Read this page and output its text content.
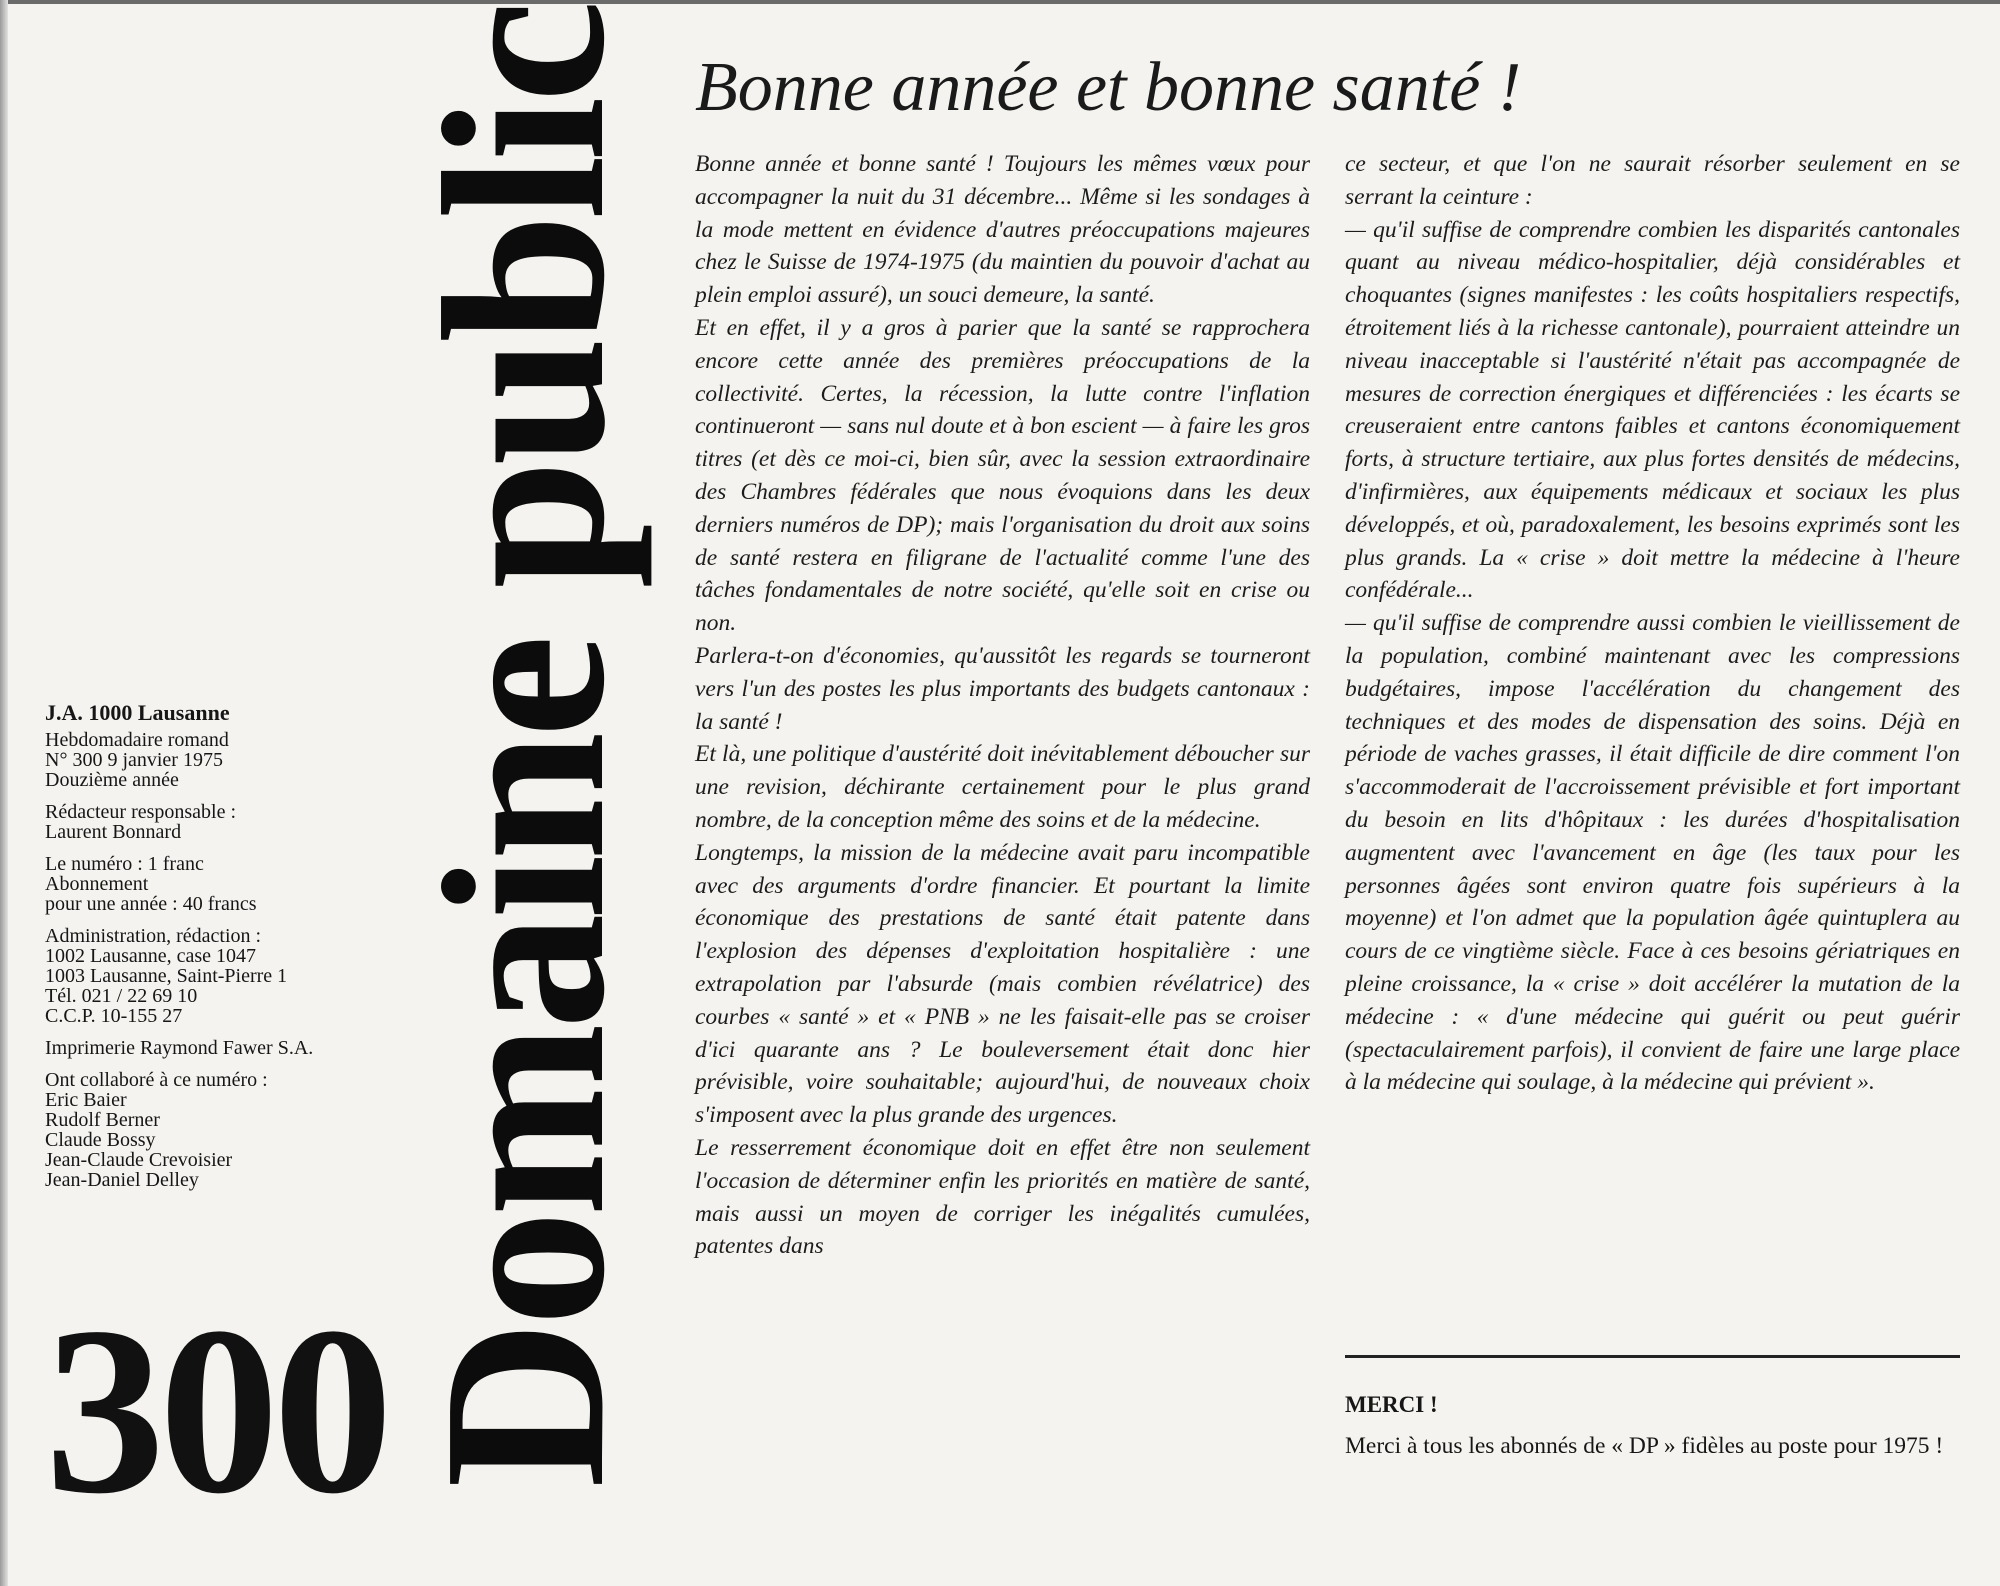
J.A. 1000 Lausanne
Hebdomadaire romand
N° 300 9 janvier 1975
Douzième année
Rédacteur responsable :
Laurent Bonnard
Le numéro : 1 franc
Abonnement
pour une année : 40 francs
Administration, rédaction :
1002 Lausanne, case 1047
1003 Lausanne, Saint-Pierre 1
Tél. 021 / 22 69 10
C.C.P. 10-155 27
Imprimerie Raymond Fawer S.A.
Ont collaboré à ce numéro :
Eric Baier
Rudolf Berner
Claude Bossy
Jean-Claude Crevoisier
Jean-Daniel Delley Domaine public
300
Bonne année et bonne santé !

Bonne année et bonne santé ! Toujours les mêmes vœux pour accompagner la nuit du 31 décembre... Même si les sondages à la mode mettent en évidence d'autres préoccupations majeures chez le Suisse de 1974-1975 (du maintien du pouvoir d'achat au plein emploi assuré), un souci demeure, la santé.

Et en effet, il y a gros à parier que la santé se rapprochera encore cette année des premières préoccupations de la collectivité. Certes, la récession, la lutte contre l'inflation continueront — sans nul doute et à bon escient — à faire les gros titres (et dès ce moi-ci, bien sûr, avec la session extraordinaire des Chambres fédérales que nous évoquions dans les deux derniers numéros de DP); mais l'organisation du droit aux soins de santé restera en filigrane de l'actualité comme l'une des tâches fondamentales de notre société, qu'elle soit en crise ou non.

Parlera-t-on d'économies, qu'aussitôt les regards se tourneront vers l'un des postes les plus importants des budgets cantonaux : la santé !

Et là, une politique d'austérité doit inévitablement déboucher sur une revision, déchirante certainement pour le plus grand nombre, de la conception même des soins et de la médecine.

Longtemps, la mission de la médecine avait paru incompatible avec des arguments d'ordre financier. Et pourtant la limite économique des prestations de santé était patente dans l'explosion des dépenses d'exploitation hospitalière : une extrapolation par l'absurde (mais combien révélatrice) des courbes « santé » et « PNB » ne les faisait-elle pas se croiser d'ici quarante ans ? Le bouleversement était donc hier prévisible, voire souhaitable; aujourd'hui, de nouveaux choix s'imposent avec la plus grande des urgences.

Le resserrement économique doit en effet être non seulement l'occasion de déterminer enfin les priorités en matière de santé, mais aussi un moyen de corriger les inégalités cumulées, patentes dans

ce secteur, et que l'on ne saurait résorber seulement en se serrant la ceinture :

— qu'il suffise de comprendre combien les disparités cantonales quant au niveau médico-hospitalier, déjà considérables et choquantes (signes manifestes : les coûts hospitaliers respectifs, étroitement liés à la richesse cantonale), pourraient atteindre un niveau inacceptable si l'austérité n'était pas accompagnée de mesures de correction énergiques et différenciées : les écarts se creuseraient entre cantons faibles et cantons économiquement forts, à structure tertiaire, aux plus fortes densités de médecins, d'infirmières, aux équipements médicaux et sociaux les plus développés, et où, paradoxalement, les besoins exprimés sont les plus grands. La « crise » doit mettre la médecine à l'heure confédérale...

— qu'il suffise de comprendre aussi combien le vieillissement de la population, combiné maintenant avec les compressions budgétaires, impose l'accélération du changement des techniques et des modes de dispensation des soins. Déjà en période de vaches grasses, il était difficile de dire comment l'on s'accommoderait de l'accroissement prévisible et fort important du besoin en lits d'hôpitaux : les durées d'hospitalisation augmentent avec l'avancement en âge (les taux pour les personnes âgées sont environ quatre fois supérieurs à la moyenne) et l'on admet que la population âgée quintuplera au cours de ce vingtième siècle. Face à ces besoins gériatriques en pleine croissance, la « crise » doit accélérer la mutation de la médecine : « d'une médecine qui guérit ou peut guérir (spectaculairement parfois), il convient de faire une large place à la médecine qui soulage, à la médecine qui prévient ».

MERCI !
Merci à tous les abonnés de « DP » fidèles au poste pour 1975 !
